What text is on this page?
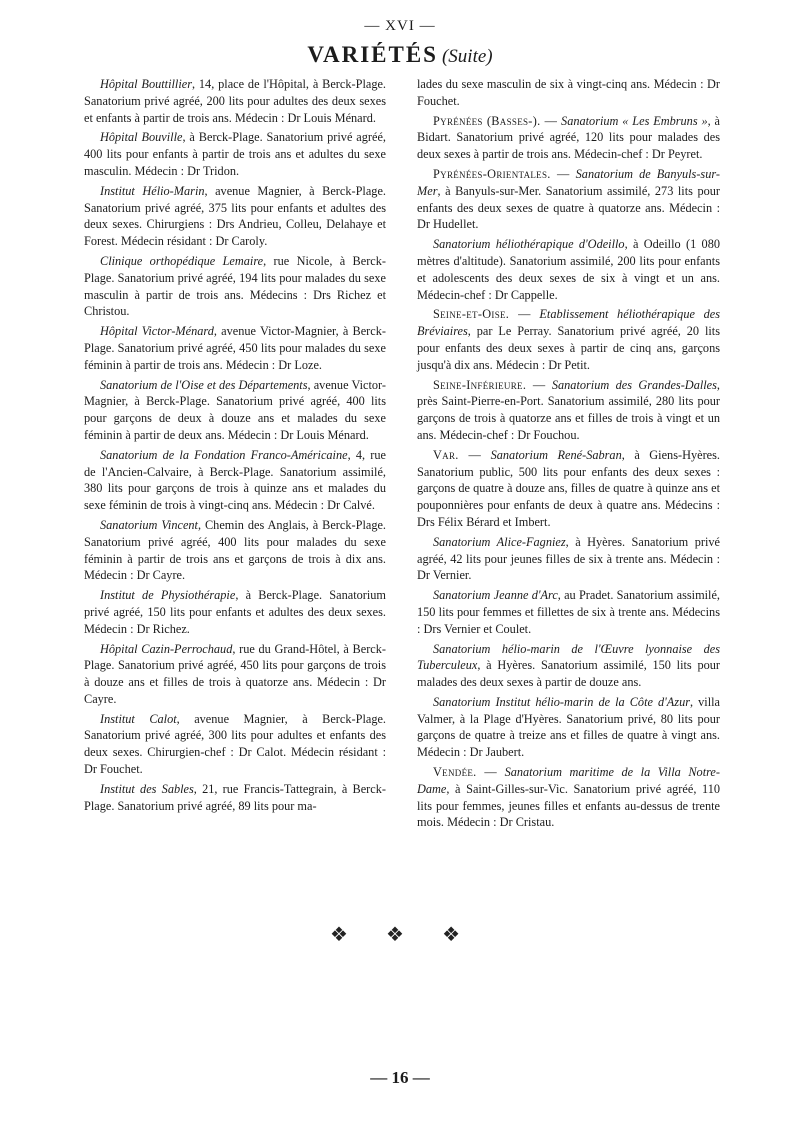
— XVI —
VARIÉTÉS (Suite)

Hôpital Bouttillier, 14, place de l'Hôpital, à Berck-Plage. Sanatorium privé agréé, 200 lits pour adultes des deux sexes et enfants à partir de trois ans. Médecin : Dr Louis Ménard.

Hôpital Bouville, à Berck-Plage. Sanatorium privé agréé, 400 lits pour enfants à partir de trois ans et adultes du sexe masculin. Médecin : Dr Tridon.

Institut Hélio-Marin, avenue Magnier, à Berck-Plage. Sanatorium privé agréé, 375 lits pour enfants et adultes des deux sexes. Chirurgiens : Drs Andrieu, Colleu, Delahaye et Forest. Médecin résidant : Dr Caroly.

Clinique orthopédique Lemaire, rue Nicole, à Berck-Plage. Sanatorium privé agréé, 194 lits pour malades du sexe masculin à partir de trois ans. Médecins : Drs Richez et Christou.

Hôpital Victor-Ménard, avenue Victor-Magnier, à Berck-Plage. Sanatorium privé agréé, 450 lits pour malades du sexe féminin à partir de trois ans. Médecin : Dr Loze.

Sanatorium de l'Oise et des Départements, avenue Victor-Magnier, à Berck-Plage. Sanatorium privé agréé, 400 lits pour garçons de deux à douze ans et malades du sexe féminin à partir de deux ans. Médecin : Dr Louis Ménard.

Sanatorium de la Fondation Franco-Américaine, 4, rue de l'Ancien-Calvaire, à Berck-Plage. Sanatorium assimilé, 380 lits pour garçons de trois à quinze ans et malades du sexe féminin de trois à vingt-cinq ans. Médecin : Dr Calvé.

Sanatorium Vincent, Chemin des Anglais, à Berck-Plage. Sanatorium privé agréé, 400 lits pour malades du sexe féminin à partir de trois ans et garçons de trois à dix ans. Médecin : Dr Cayre.

Institut de Physiothérapie, à Berck-Plage. Sanatorium privé agréé, 150 lits pour enfants et adultes des deux sexes. Médecin : Dr Richez.

Hôpital Cazin-Perrochaud, rue du Grand-Hôtel, à Berck-Plage. Sanatorium privé agréé, 450 lits pour garçons de trois à douze ans et filles de trois à quatorze ans. Médecin : Dr Cayre.

Institut Calot, avenue Magnier, à Berck-Plage. Sanatorium privé agréé, 300 lits pour adultes et enfants des deux sexes. Chirurgien-chef : Dr Calot. Médecin résidant : Dr Fouchet.

Institut des Sables, 21, rue Francis-Tattegrain, à Berck-Plage. Sanatorium privé agréé, 89 lits pour ma-

lades du sexe masculin de six à vingt-cinq ans. Médecin : Dr Fouchet.

Pyrénées (Basses-). — Sanatorium « Les Embruns », à Bidart. Sanatorium privé agréé, 120 lits pour malades des deux sexes à partir de trois ans. Médecin-chef : Dr Peyret.

Pyrénées-Orientales. — Sanatorium de Banyuls-sur-Mer, à Banyuls-sur-Mer. Sanatorium assimilé, 273 lits pour enfants des deux sexes de quatre à quatorze ans. Médecin : Dr Hudellet.

Sanatorium héliothérapique d'Odeillo, à Odeillo (1 080 mètres d'altitude). Sanatorium assimilé, 200 lits pour enfants et adolescents des deux sexes de six à vingt et un ans. Médecin-chef : Dr Cappelle.

Seine-et-Oise. — Etablissement héliothérapique des Bréviaires, par Le Perray. Sanatorium privé agréé, 20 lits pour enfants des deux sexes à partir de cinq ans, garçons jusqu'à dix ans. Médecin : Dr Petit.

Seine-Inférieure. — Sanatorium des Grandes-Dalles, près Saint-Pierre-en-Port. Sanatorium assimilé, 280 lits pour garçons de trois à quatorze ans et filles de trois à vingt et un ans. Médecin-chef : Dr Fouchou.

Var. — Sanatorium René-Sabran, à Giens-Hyères. Sanatorium public, 500 lits pour enfants des deux sexes : garçons de quatre à douze ans, filles de quatre à quinze ans et pouponnières pour enfants de deux à quatre ans. Médecins : Drs Félix Bérard et Imbert.

Sanatorium Alice-Fagniez, à Hyères. Sanatorium privé agréé, 42 lits pour jeunes filles de six à trente ans. Médecin : Dr Vernier.

Sanatorium Jeanne d'Arc, au Pradet. Sanatorium assimilé, 150 lits pour femmes et fillettes de six à trente ans. Médecins : Drs Vernier et Coulet.

Sanatorium hélio-marin de l'Œuvre lyonnaise des Tuberculeux, à Hyères. Sanatorium assimilé, 150 lits pour malades des deux sexes à partir de douze ans.

Sanatorium Institut hélio-marin de la Côte d'Azur, villa Valmer, à la Plage d'Hyères. Sanatorium privé, 80 lits pour garçons de quatre à treize ans et filles de quatre à vingt ans. Médecin : Dr Jaubert.

Vendée. — Sanatorium maritime de la Villa Notre-Dame, à Saint-Gilles-sur-Vic. Sanatorium privé agréé, 110 lits pour femmes, jeunes filles et enfants au-dessus de trente mois. Médecin : Dr Cristau.

❖ ❖ ❖
— 16 —
